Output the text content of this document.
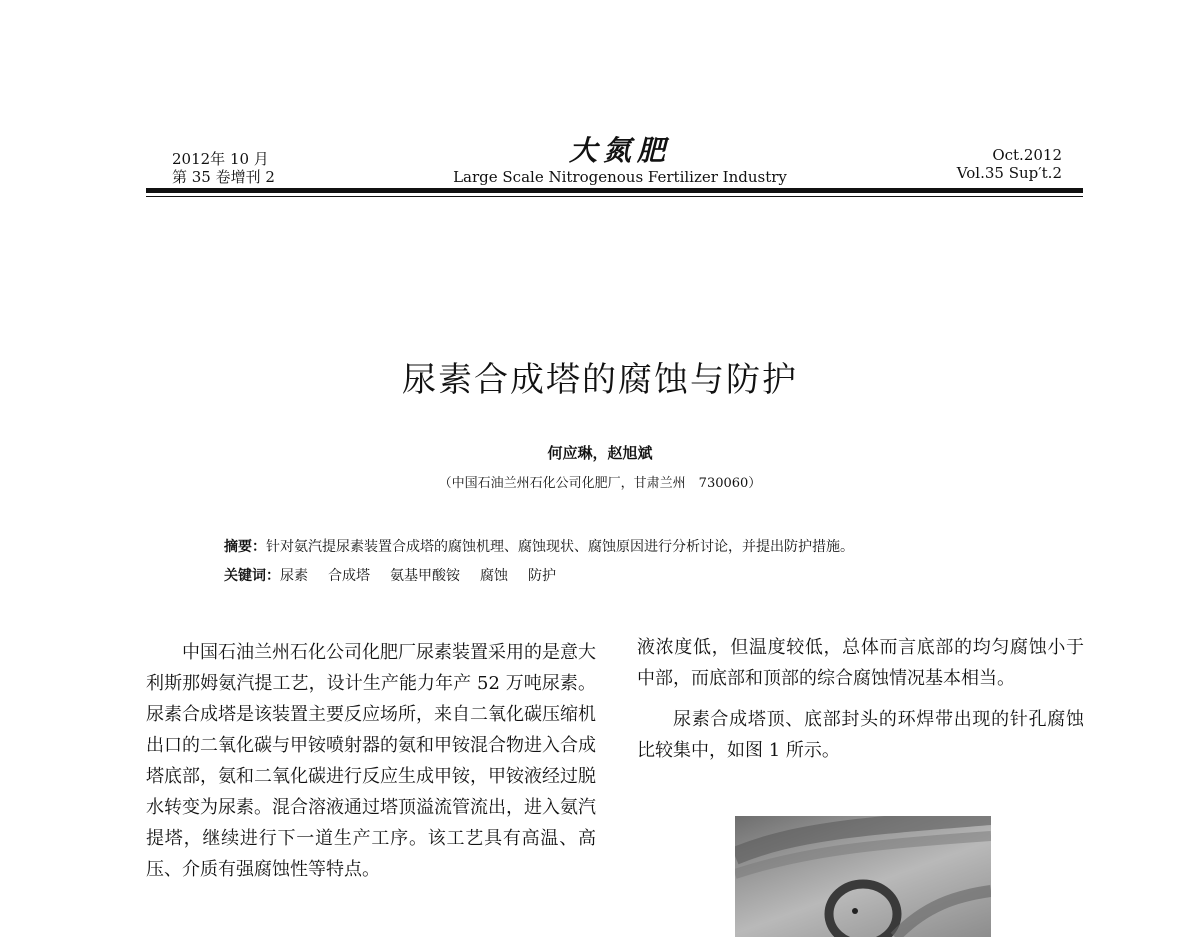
2012年 10 月
第 35 卷增刊 2
大氮肥
Large Scale Nitrogenous Fertilizer Industry
Oct.2012
Vol.35 Sup′t.2
尿素合成塔的腐蚀与防护
何应琳，赵旭斌
（中国石油兰州石化公司化肥厂，甘肃兰州　730060）
摘要：针对氨汽提尿素装置合成塔的腐蚀机理、腐蚀现状、腐蚀原因进行分析讨论，并提出防护措施。
关键词：尿素 合成塔 氨基甲酸铵 腐蚀 防护

中国石油兰州石化公司化肥厂尿素装置采用的是意大利斯那姆氨汽提工艺，设计生产能力年产 52 万吨尿素。尿素合成塔是该装置主要反应场所，来自二氧化碳压缩机出口的二氧化碳与甲铵喷射器的氨和甲铵混合物进入合成塔底部，氨和二氧化碳进行反应生成甲铵，甲铵液经过脱水转变为尿素。混合溶液通过塔顶溢流管流出，进入氨汽提塔，继续进行下一道生产工序。该工艺具有高温、高压、介质有强腐蚀性等特点。

液浓度低，但温度较低，总体而言底部的均匀腐蚀小于中部，而底部和顶部的综合腐蚀情况基本相当。

尿素合成塔顶、底部封头的环焊带出现的针孔腐蚀比较集中，如图 1 所示。
